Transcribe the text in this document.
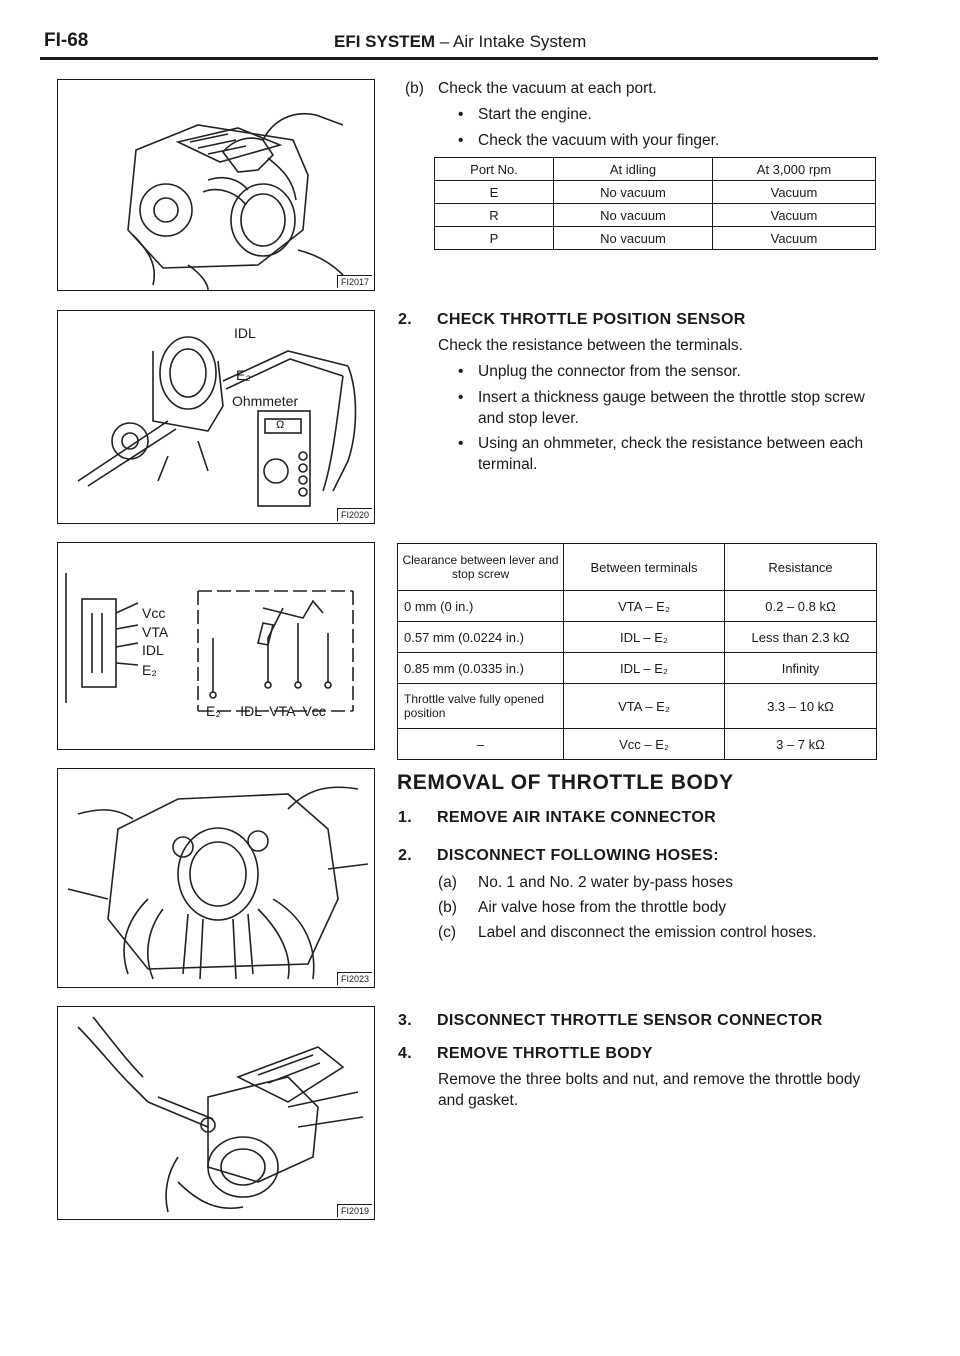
FI-68	EFI SYSTEM – Air Intake System
FI2017
IDL
E₂
Ohmmeter
Ω
FI2020
Vcc
VTA
IDL
E₂
E₂     IDL  VTA  Vcc
FI2023
FI2019
(b) Check the vacuum at each port.
• Start the engine.
• Check the vacuum with your finger.
Port No.	At idling	At 3,000 rpm
E	No vacuum	Vacuum
R	No vacuum	Vacuum
P	No vacuum	Vacuum
2. CHECK THROTTLE POSITION SENSOR
Check the resistance between the terminals.
• Unplug the connector from the sensor.
• Insert a thickness gauge between the throttle stop screw and stop lever.
• Using an ohmmeter, check the resistance between each terminal.
Clearance between lever and stop screw	Between terminals	Resistance
0 mm (0 in.)	VTA – E₂	0.2 – 0.8 kΩ
0.57 mm (0.0224 in.)	IDL – E₂	Less than 2.3 kΩ
0.85 mm (0.0335 in.)	IDL – E₂	Infinity
Throttle valve fully opened position	VTA – E₂	3.3 – 10 kΩ
–	Vcc – E₂	3 – 7 kΩ
REMOVAL OF THROTTLE BODY
1. REMOVE AIR INTAKE CONNECTOR
2. DISCONNECT FOLLOWING HOSES:
(a) No. 1 and No. 2 water by-pass hoses
(b) Air valve hose from the throttle body
(c) Label and disconnect the emission control hoses.
3. DISCONNECT THROTTLE SENSOR CONNECTOR
4. REMOVE THROTTLE BODY
Remove the three bolts and nut, and remove the throttle body and gasket.
